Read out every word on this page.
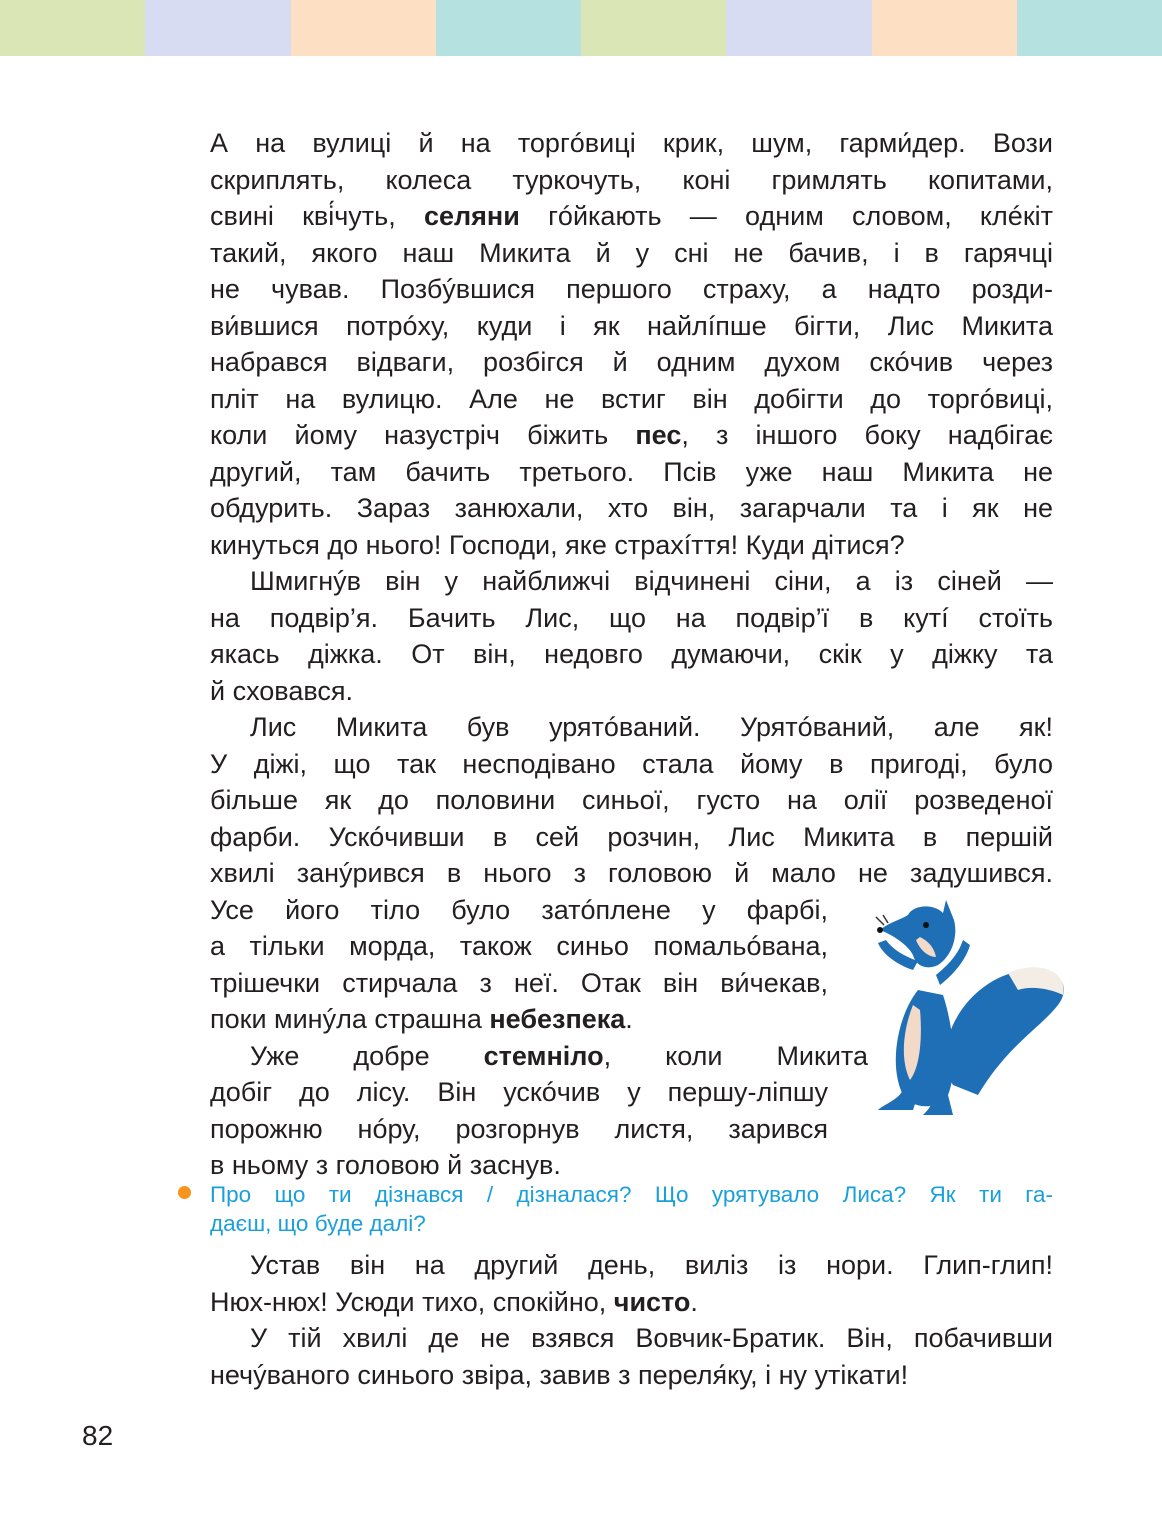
А на вулиці й на торгóвиці крик, шум, гарми́дер. Вози
скриплять, колеса туркочуть, коні гримлять копитами,
свині кві́чуть, селяни гóйкають — одним словом, клéкіт
такий, якого наш Микита й у сні не бачив, і в гарячці
не чував. Позбýвшися першого страху, а надто розди-
ви́вшися потрóху, куди і як найлíпше бігти, Лис Микита
набрався відваги, розбігся й одним духом скóчив через
пліт на вулицю. Але не встиг він добігти до торгóвиці,
коли йому назустріч біжить пес, з іншого боку надбігає
другий, там бачить третього. Псів уже наш Микита не
обдурить. Зараз занюхали, хто він, загарчали та і як не
кинуться до нього! Господи, яке страхíття! Куди дітися?

Шмигнýв він у найближчі відчинені сіни, а із сіней —
на подвір’я. Бачить Лис, що на подвір’ї в кутí стоїть
якась діжка. От він, недовго думаючи, скік у діжку та
й сховався.

Лис Микита був урятóваний. Урятóваний, але як!
У діжі, що так несподівано стала йому в пригоді, було
більше як до половини синьої, густо на олії розведеної
фарби. Ускóчивши в сей розчин, Лис Микита в першій
хвилі занýрився в нього з головою й мало не задушився.
Усе його тіло було затóплене у фарбі,
а тільки морда, також синьо помальóвана,
трішечки стирчала з неї. Отак він ви́чекав,
поки минýла страшна небезпека.

Уже добре стемніло, коли Микита
добіг до лісу. Він ускóчив у першу-ліпшу
порожню нóру, розгорнув листя, зарився
в ньому з головою й заснув.

Про що ти дізнався / дізналася? Що урятувало Лиса? Як ти га-
даєш, що буде далі?

Устав він на другий день, виліз із нори. Глип-глип!
Нюх-нюх! Усюди тихо, спокійно, чисто.

У тій хвилі де не взявся Вовчик-Братик. Він, побачивши
нечýваного синього звіра, завив з переля́ку, і ну утікати!

82
